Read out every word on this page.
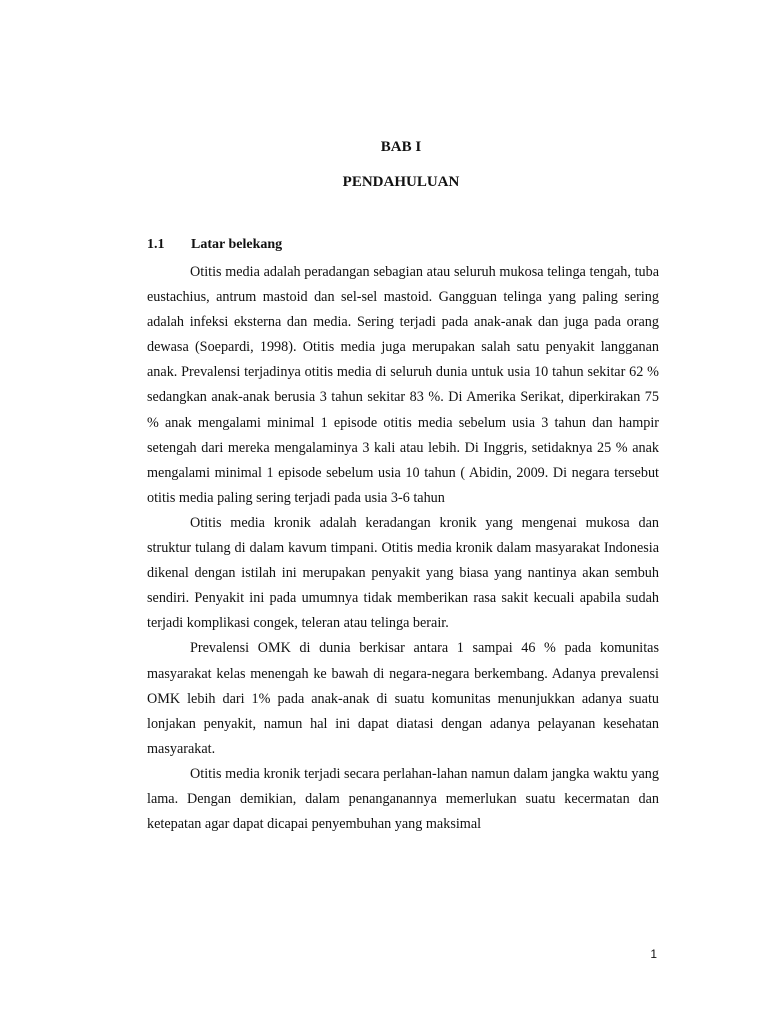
BAB I
PENDAHULUAN
1.1 Latar belekang

Otitis media adalah peradangan sebagian atau seluruh mukosa telinga tengah, tuba eustachius, antrum mastoid dan sel-sel mastoid. Gangguan telinga yang paling sering adalah infeksi eksterna dan media. Sering terjadi pada anak-anak dan juga pada orang dewasa (Soepardi, 1998). Otitis media juga merupakan salah satu penyakit langganan anak. Prevalensi terjadinya otitis media di seluruh dunia untuk usia 10 tahun sekitar 62 % sedangkan anak-anak berusia 3 tahun sekitar 83 %. Di Amerika Serikat, diperkirakan 75 % anak mengalami minimal 1 episode otitis media sebelum usia 3 tahun dan hampir setengah dari mereka mengalaminya 3 kali atau lebih. Di Inggris, setidaknya 25 % anak mengalami minimal 1 episode sebelum usia 10 tahun ( Abidin, 2009. Di negara tersebut otitis media paling sering terjadi pada usia 3-6 tahun

Otitis media kronik adalah keradangan kronik yang mengenai mukosa dan struktur tulang di dalam kavum timpani. Otitis media kronik dalam masyarakat Indonesia dikenal dengan istilah ini merupakan penyakit yang biasa yang nantinya akan sembuh sendiri. Penyakit ini pada umumnya tidak memberikan rasa sakit kecuali apabila sudah terjadi komplikasi congek, teleran atau telinga berair.

Prevalensi OMK di dunia berkisar antara 1 sampai 46 % pada komunitas masyarakat kelas menengah ke bawah di negara-negara berkembang. Adanya prevalensi OMK lebih dari 1% pada anak-anak di suatu komunitas menunjukkan adanya suatu lonjakan penyakit, namun hal ini dapat diatasi dengan adanya pelayanan kesehatan masyarakat.

Otitis media kronik terjadi secara perlahan-lahan namun dalam jangka waktu yang lama. Dengan demikian, dalam penanganannya memerlukan suatu kecermatan dan ketepatan agar dapat dicapai penyembuhan yang maksimal

1
